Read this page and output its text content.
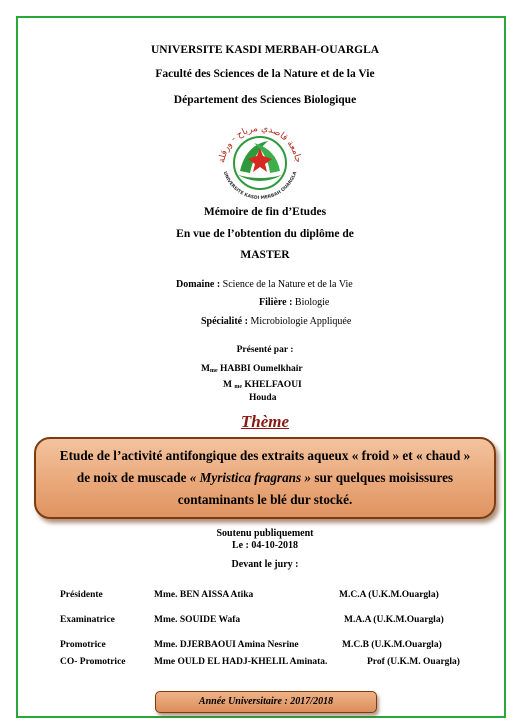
UNIVERSITE KASDI MERBAH-OUARGLA
Faculté des Sciences de la Nature et de la Vie
Département des Sciences Biologique
جامعة قاصدي مرباح - ورقلة
UNIVERSITE KASDI MERBAH OUARGLA
Mémoire de fin d’Etudes
En vue de l’obtention du diplôme de
MASTER
Domaine : Science de la Nature et de la Vie
Filière : Biologie
Spécialité : Microbiologie Appliquée
Présenté par :
Mme HABBI Oumelkhair
M me KHELFAOUI
Houda
Thème
Etude de l’activité antifongique des extraits aqueux « froid » et « chaud »
de noix de muscade « Myristica fragrans » sur quelques moisissures
contaminants le blé dur stocké.
Soutenu publiquement
Le : 04-10-2018
Devant le jury :
Présidente	Mme. BEN AISSA Atika	M.C.A (U.K.M.Ouargla)
Examinatrice	Mme. SOUIDE Wafa	M.A.A (U.K.M.Ouargla)
Promotrice	Mme. DJERBAOUI Amina Nesrine	M.C.B (U.K.M.Ouargla)
CO- Promotrice	Mme OULD EL HADJ-KHELIL Aminata.	Prof (U.K.M. Ouargla)
Année Universitaire : 2017/2018
